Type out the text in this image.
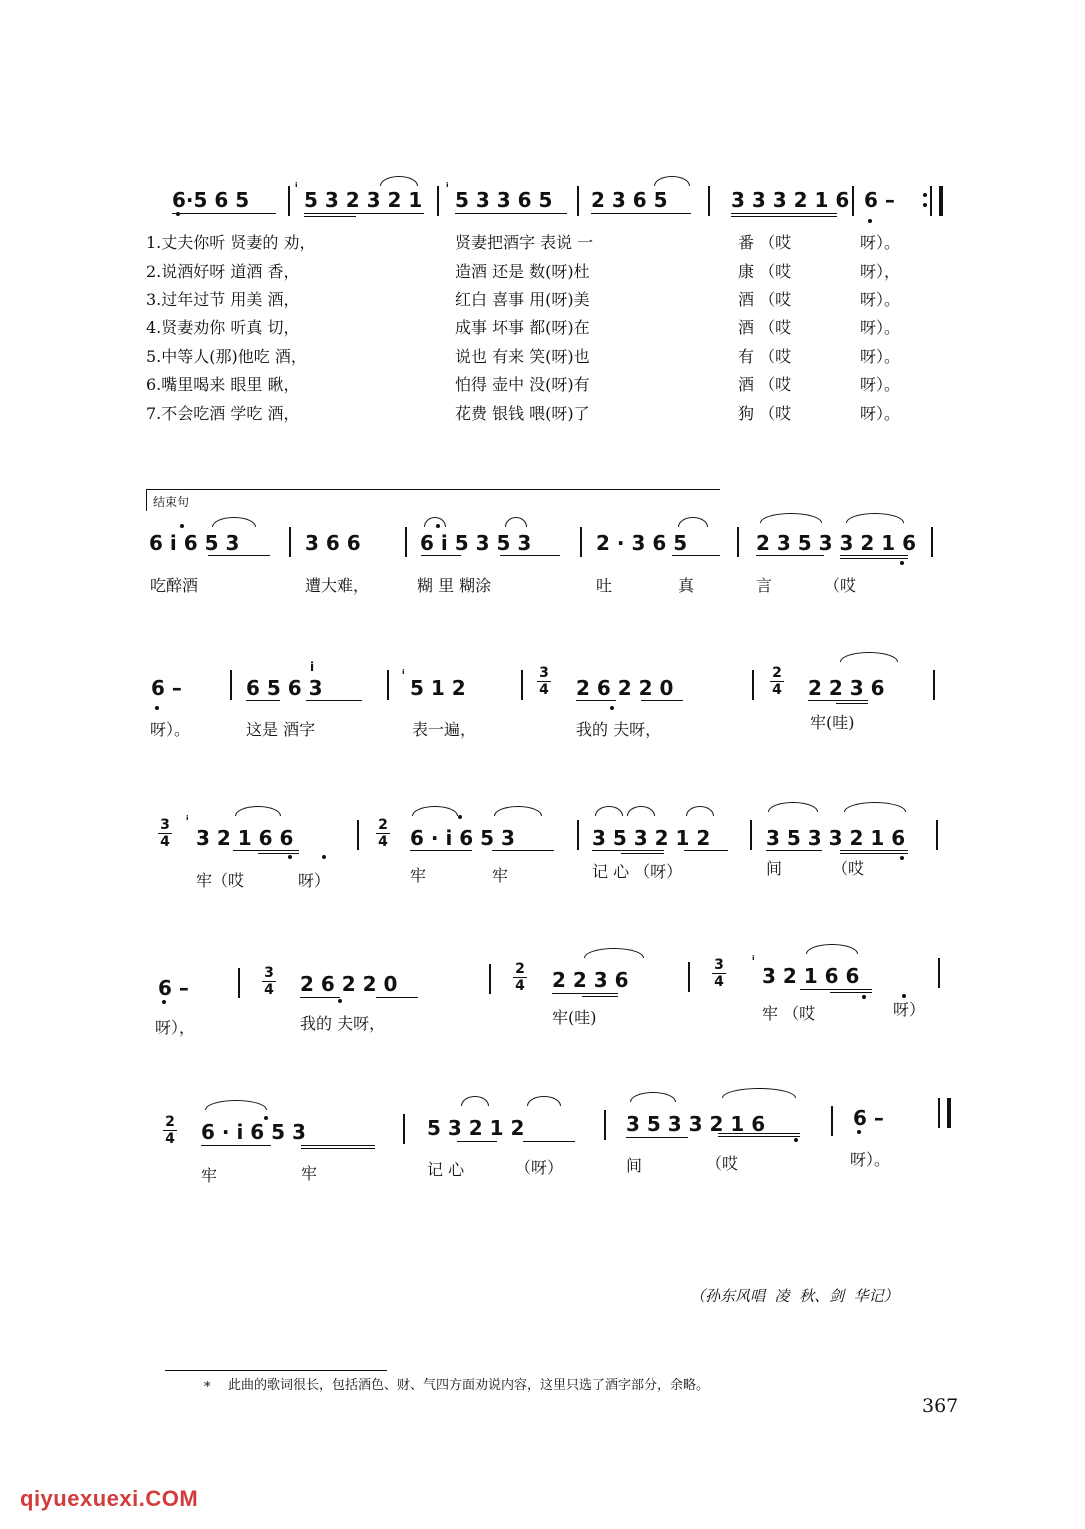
6·5 6 5
ⁱ
5 3 2 3 2 1
ⁱ
5 3 3 6 5 2 3 6 5	3 3 3 2 1 6 6 –
1.丈夫你听 贤妻的 劝，	贤妻把酒字 表说 一	番 （哎	呀）。
2.说酒好呀 道酒 香，	造酒 还是 数(呀)杜	康 （哎	呀），
3.过年过节 用美 酒，	红白 喜事 用(呀)美	酒 （哎	呀）。
4.贤妻劝你 听真 切，	成事 坏事 都(呀)在	酒 （哎	呀）。
5.中等人(那)他吃 酒，	说也 有来 笑(呀)也	有 （哎	呀）。
6.嘴里喝来 眼里 瞅，	怕得 壶中 没(呀)有	酒 （哎	呀）。
7.不会吃酒 学吃 酒，	花费 银钱 喂(呀)了	狗 （哎	呀）。
结束句
6 i 6 5 3	3 6 6	6 i 5 3 5 3	2 · 3 6 5	2 3 5 3 3 2 1 6
吃醉酒	遭大难，	糊 里 糊涂	吐	真	言	（哎
6 –	6 5 6 3
i	ⁱ
5 1 2
3
4 2 6 2 2 0
2
4 2 2 3 6
呀）。	这是 酒字	表一遍，	我的 夫呀，	牢(哇)
3
4
ⁱ
3 2 1 6 6
2
4 6 · i 6 5 3	3 5 3 2 1 2	3 5 3 3 2 1 6
牢（哎	呀）	牢	牢	记 心 （呀）	间	（哎
6 –
3
4 2 6 2 2 0
2
4 2 2 3 6
3
4
ⁱ
3 2 1 6 6
呀），	我的 夫呀，	牢(哇)	牢 （哎	呀）
2
4 6 · i 6 5 3	5 3 2 1 2	3 5 3 3 2 1 6	6 –
牢	牢	记 心	（呀）	间	（哎	呀）。
（孙东风唱  凌  秋、剑  华记）
* 此曲的歌词很长，包括酒色、财、气四方面劝说内容，这里只选了酒字部分，余略。
367
qiyuexuexi.COM
